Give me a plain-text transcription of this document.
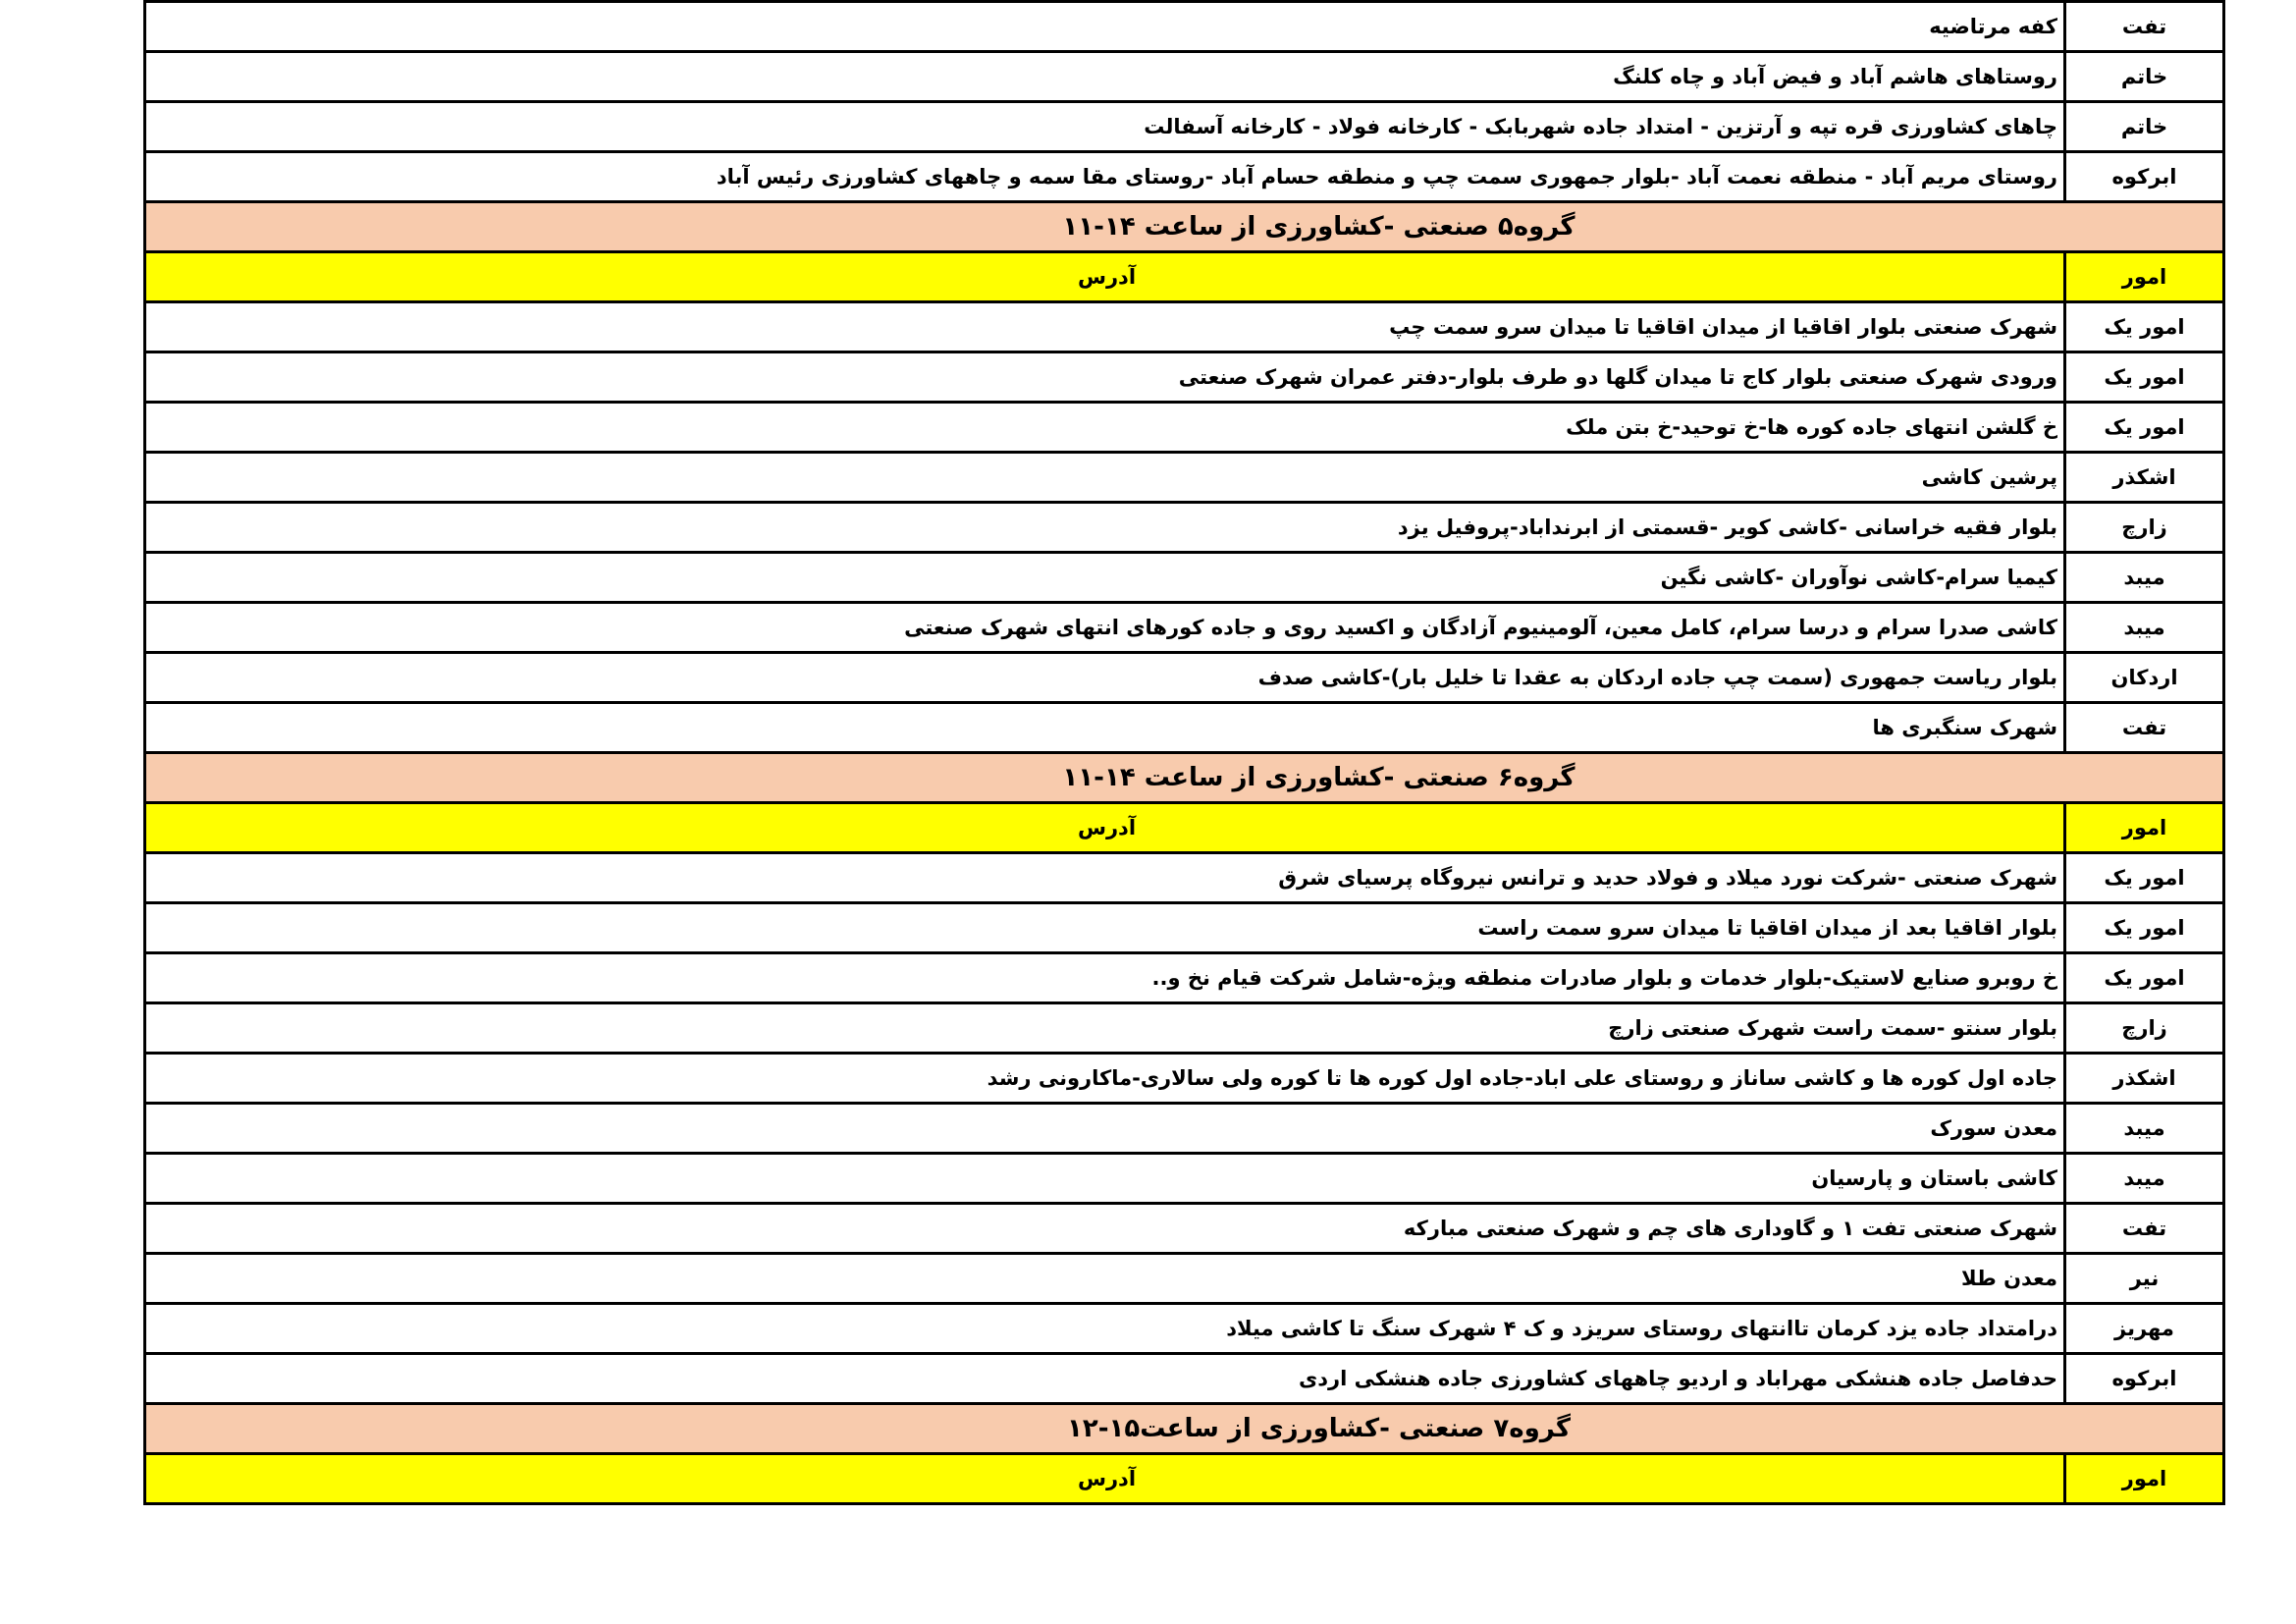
تفت	کفه مرتاضیه
خاتم	روستاهای هاشم آباد و فیض آباد و چاه کلنگ
خاتم	چاهای کشاورزی قره تپه و آرتزین - امتداد جاده شهربابک - کارخانه فولاد - کارخانه آسفالت
ابرکوه	روستای مریم آباد - منطقه نعمت آباد -بلوار جمهوری سمت چپ و منطقه حسام آباد -روستای مقا سمه و چاههای کشاورزی رئیس آباد
گروه۵ صنعتی -کشاورزی از ساعت ۱۴-۱۱	
امور	آدرس
امور یک	شهرک صنعتی بلوار اقاقیا از میدان اقاقیا تا میدان سرو سمت چپ
امور یک	ورودی شهرک صنعتی بلوار کاج تا میدان گلها دو طرف بلوار-دفتر عمران شهرک صنعتی
امور یک	خ گلشن انتهای جاده کوره ها-خ توحید-خ بتن ملک
اشکذر	پرشین کاشی
زارچ	بلوار فقیه خراسانی -کاشی کویر -قسمتی از ابرنداباد-پروفیل یزد
میبد	کیمیا سرام-کاشی نوآوران -کاشی نگین
میبد	کاشی صدرا سرام و درسا سرام، کامل معین، آلومینیوم آزادگان و اکسید روی و جاده کورهای انتهای شهرک صنعتی
اردکان	بلوار ریاست جمهوری (سمت چپ جاده اردکان به عقدا تا خلیل بار)-کاشی صدف
تفت	شهرک سنگبری ها
گروه۶ صنعتی -کشاورزی از ساعت ۱۴-۱۱	
امور	آدرس
امور یک	شهرک صنعتی -شرکت نورد میلاد و فولاد حدید و ترانس نیروگاه پرسیای شرق
امور یک	بلوار اقاقیا بعد از میدان اقاقیا تا میدان سرو سمت راست
امور یک	خ روبرو صنایع لاستیک-بلوار خدمات و بلوار صادرات منطقه ویژه-شامل شرکت قیام نخ و..
زارچ	بلوار سنتو -سمت راست شهرک صنعتی زارچ
اشکذر	جاده اول کوره ها و کاشی ساناز و روستای علی اباد-جاده اول کوره ها تا کوره ولی سالاری-ماکارونی رشد
میبد	معدن سورک
میبد	کاشی باستان و پارسیان
تفت	شهرک صنعتی تفت ۱ و گاوداری های چم و شهرک صنعتی مبارکه
نیر	معدن طلا
مهریز	درامتداد جاده یزد کرمان تاانتهای روستای سریزد و ک ۴ شهرک سنگ تا کاشی میلاد
ابرکوه	حدفاصل جاده هنشکی مهراباد و اردیو چاههای کشاورزی جاده هنشکی اردی
گروه۷ صنعتی -کشاورزی از ساعت۱۵-۱۲	
امور	آدرس
